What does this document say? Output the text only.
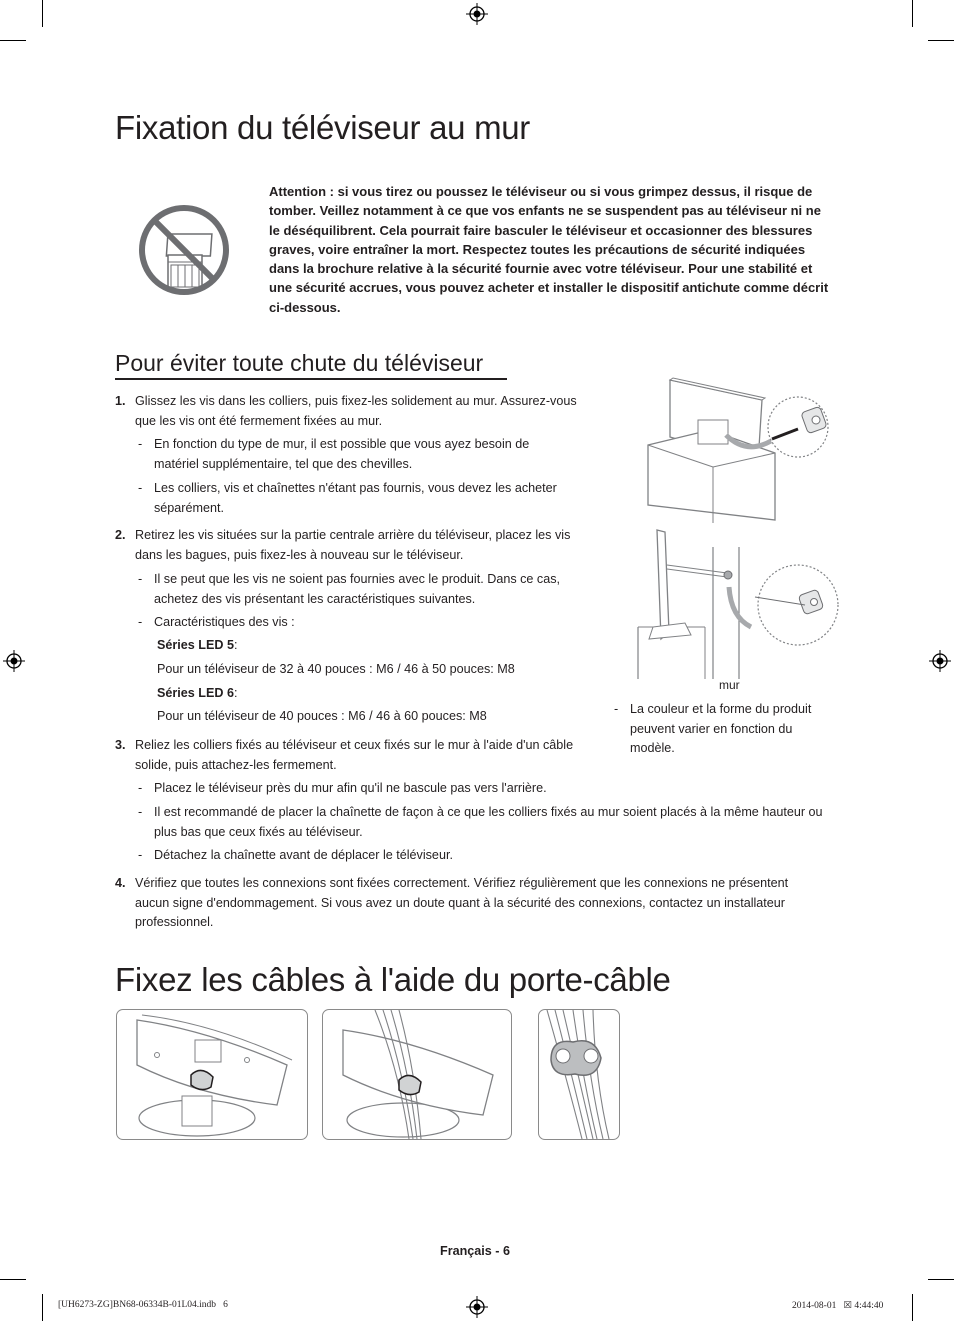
Fixation du téléviseur au mur
Attention : si vous tirez ou poussez le téléviseur ou si vous grimpez dessus, il risque de tomber. Veillez notamment à ce que vos enfants ne se suspendent pas au téléviseur ni ne le déséquilibrent. Cela pourrait faire basculer le téléviseur et occasionner des blessures graves, voire entraîner la mort. Respectez toutes les précautions de sécurité indiquées dans la brochure relative à la sécurité fournie avec votre téléviseur. Pour une stabilité et une sécurité accrues, vous pouvez acheter et installer le dispositif antichute comme décrit ci-dessous.
Pour éviter toute chute du téléviseur
1. Glissez les vis dans les colliers, puis fixez-les solidement au mur. Assurez-vous que les vis ont été fermement fixées au mur.
- En fonction du type de mur, il est possible que vous ayez besoin de matériel supplémentaire, tel que des chevilles.
- Les colliers, vis et chaînettes n'étant pas fournis, vous devez les acheter séparément.
2. Retirez les vis situées sur la partie centrale arrière du téléviseur, placez les vis dans les bagues, puis fixez-les à nouveau sur le téléviseur.
- Il se peut que les vis ne soient pas fournies avec le produit. Dans ce cas, achetez des vis présentant les caractéristiques suivantes.
- Caractéristiques des vis :
Séries LED 5:
Pour un téléviseur de 32 à 40 pouces : M6 / 46 à 50 pouces: M8
Séries LED 6:
Pour un téléviseur de 40 pouces : M6 / 46 à 60 pouces: M8
3. Reliez les colliers fixés au téléviseur et ceux fixés sur le mur à l'aide d'un câble solide, puis attachez-les fermement.
- Placez le téléviseur près du mur afin qu'il ne bascule pas vers l'arrière.
- Il est recommandé de placer la chaînette de façon à ce que les colliers fixés au mur soient placés à la même hauteur ou plus bas que ceux fixés au téléviseur.
- Détachez la chaînette avant de déplacer le téléviseur.
4. Vérifiez que toutes les connexions sont fixées correctement. Vérifiez régulièrement que les connexions ne présentent aucun signe d'endommagement. Si vous avez un doute quant à la sécurité des connexions, contactez un installateur professionnel.
mur
- La couleur et la forme du produit peuvent varier en fonction du modèle.
Fixez les câbles à l'aide du porte-câble
Français - 6
[UH6273-ZG]BN68-06334B-01L04.indb   6	2014-08-01   ☒ 4:44:40
